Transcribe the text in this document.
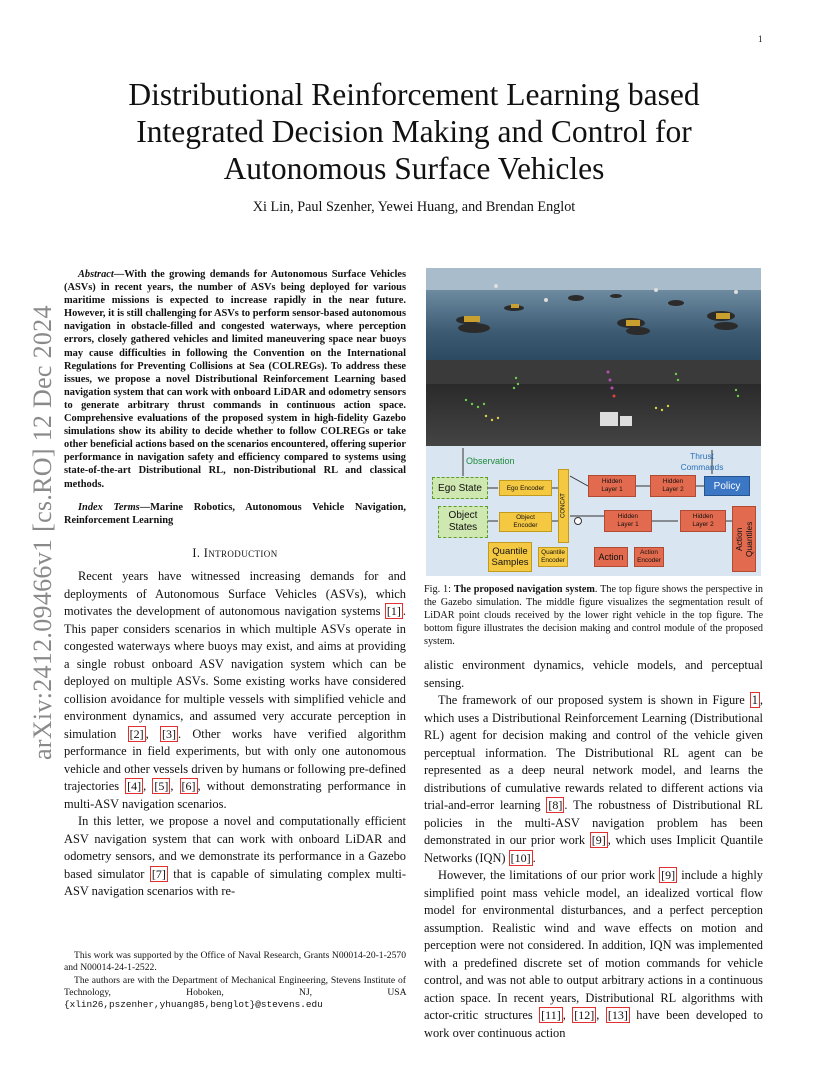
1
arXiv:2412.09466v1 [cs.RO] 12 Dec 2024
Distributional Reinforcement Learning based Integrated Decision Making and Control for Autonomous Surface Vehicles
Xi Lin, Paul Szenher, Yewei Huang, and Brendan Englot

Abstract—With the growing demands for Autonomous Surface Vehicles (ASVs) in recent years, the number of ASVs being deployed for various maritime missions is expected to increase rapidly in the near future. However, it is still challenging for ASVs to perform sensor-based autonomous navigation in obstacle-filled and congested waterways, where perception errors, closely gathered vehicles and limited maneuvering space near buoys may cause difficulties in following the Convention on the International Regulations for Preventing Collisions at Sea (COLREGs). To address these issues, we propose a novel Distributional Reinforcement Learning based navigation system that can work with onboard LiDAR and odometry sensors to generate arbitrary thrust commands in continuous action space. Comprehensive evaluations of the proposed system in high-fidelity Gazebo simulations show its ability to decide whether to follow COLREGs or take other beneficial actions based on the scenarios encountered, offering superior performance in navigation safety and efficiency compared to systems using state-of-the-art Distributional RL, non-Distributional RL and classical methods.

Index Terms—Marine Robotics, Autonomous Vehicle Navigation, Reinforcement Learning

I. Introduction

Recent years have witnessed increasing demands for and deployments of Autonomous Surface Vehicles (ASVs), which motivates the development of autonomous navigation systems [1] . This paper considers scenarios in which multiple ASVs operate in congested waterways where buoys may exist, and aims at providing a single robust onboard ASV navigation system which can be deployed on multiple ASVs. Some existing works have considered collision avoidance for multiple vessels with simplified vehicle and environment dynamics, and assumed very accurate perception in simulation [2] , [3] . Other works have verified algorithm performance in field experiments, but with only one autonomous vehicle and other vessels driven by humans or following pre-defined trajectories [4] , [5] , [6] , without demonstrating performance in multi-ASV navigation scenarios.

In this letter, we propose a novel and computationally efficient ASV navigation system that can work with onboard LiDAR and odometry sensors, and we demonstrate its performance in a Gazebo based simulator [7] that is capable of simulating complex multi-ASV navigation scenarios with re-

This work was supported by the Office of Naval Research, Grants N00014-20-1-2570 and N00014-24-1-2522.

The authors are with the Department of Mechanical Engineering, Stevens Institute of Technology, Hoboken, NJ, USA {xlin26,pszenher,yhuang85,benglot}@stevens.edu

Observation	Thrust
Commands
Ego State
Object
States
Ego Encoder
Object
Encoder
CONCAT
Hidden
Layer 1
Hidden
Layer 2	Policy
Hidden
Layer 1
Hidden
Layer 2
Action
Quantiles
Quantile
Samples
Quantile
Encoder	Action	Action
Encoder

Fig. 1: The proposed navigation system. The top figure shows the perspective in the Gazebo simulation. The middle figure visualizes the segmentation result of LiDAR point clouds received by the lower right vehicle in the top figure. The bottom figure illustrates the decision making and control module of the proposed system.

alistic environment dynamics, vehicle models, and perceptual sensing.

The framework of our proposed system is shown in Figure 1 , which uses a Distributional Reinforcement Learning (Distributional RL) agent for decision making and control of the vehicle given perceptual information. The Distributional RL agent can be represented as a deep neural network model, and learns the distributions of cumulative rewards related to different actions via trial-and-error learning [8] . The robustness of Distributional RL policies in the multi-ASV navigation problem has been demonstrated in our prior work [9] , which uses Implicit Quantile Networks (IQN) [10] .

However, the limitations of our prior work [9] include a highly simplified point mass vehicle model, an idealized vortical flow model for environmental disturbances, and a perfect perception assumption. Realistic wind and wave effects on motion and perception were not considered. In addition, IQN was implemented with a predefined discrete set of motion commands for vehicle control, and was not able to output arbitrary actions in a continuous action space. In recent years, Distributional RL algorithms with actor-critic structures [11] , [12] , [13] have been developed to work over continuous action
